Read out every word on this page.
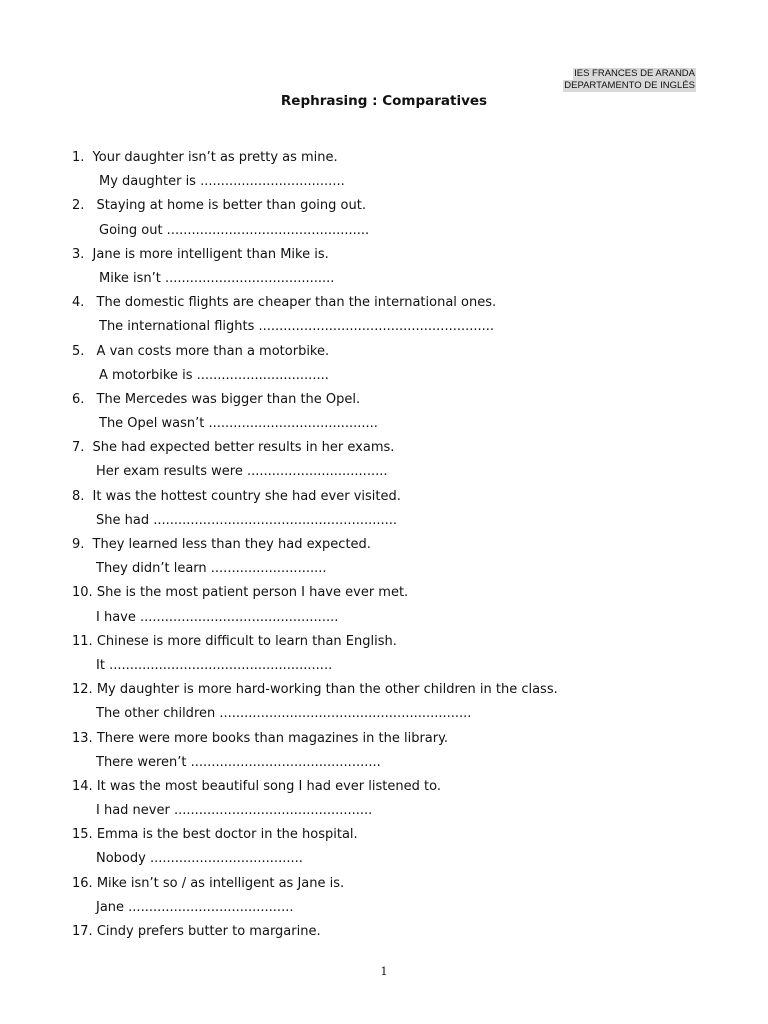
IES FRANCES DE ARANDA
DEPARTAMENTO DE INGLÉS
Rephrasing : Comparatives
1. Your daughter isn’t as pretty as mine.
My daughter is ...................................
2. Staying at home is better than going out.
Going out .................................................
3. Jane is more intelligent than Mike is.
Mike isn’t .........................................
4. The domestic flights are cheaper than the international ones.
The international flights .........................................................
5. A van costs more than a motorbike.
A motorbike is ................................
6. The Mercedes was bigger than the Opel.
The Opel wasn’t .........................................
7. She had expected better results in her exams.
Her exam results were ..................................
8. It was the hottest country she had ever visited.
She had ...........................................................
9. They learned less than they had expected.
They didn’t learn ............................
10. She is the most patient person I have ever met.
I have ................................................
11. Chinese is more difficult to learn than English.
It ......................................................
12. My daughter is more hard-working than the other children in the class.
The other children .............................................................
13. There were more books than magazines in the library.
There weren’t ..............................................
14. It was the most beautiful song I had ever listened to.
I had never ................................................
15. Emma is the best doctor in the hospital.
Nobody .....................................
16. Mike isn’t so / as intelligent as Jane is.
Jane ........................................
17. Cindy prefers butter to margarine.
1
